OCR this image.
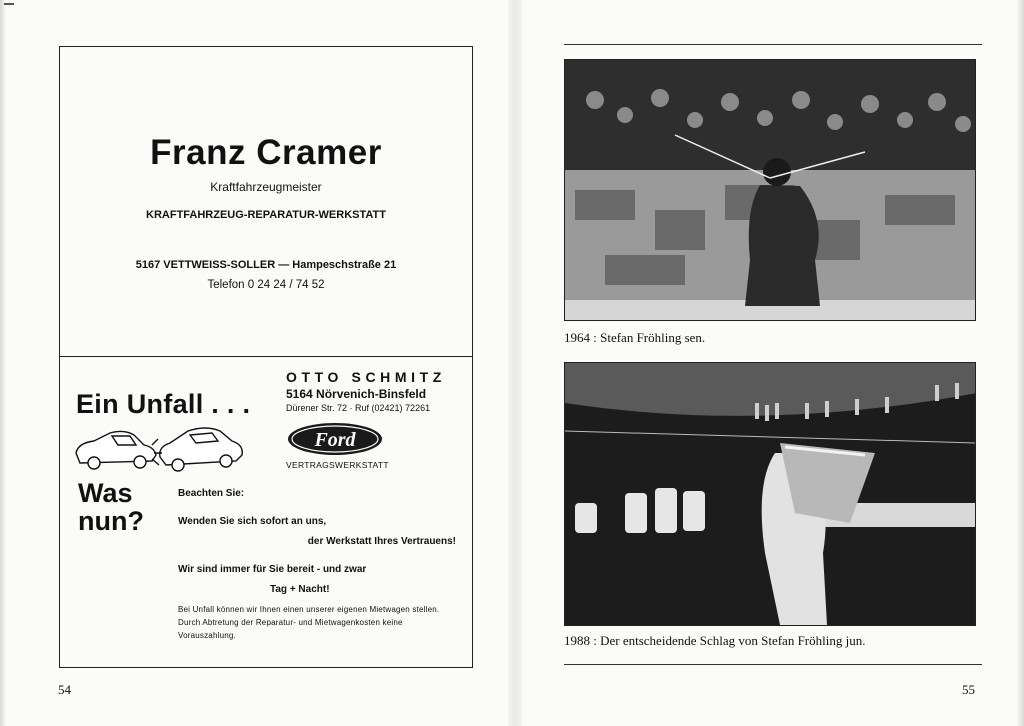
Franz Cramer
Kraftfahrzeugmeister
KRAFTFAHRZEUG-REPARATUR-WERKSTATT
5167 VETTWEISS-SOLLER — Hampeschstraße 21
Telefon 0 24 24 / 74 52
OTTO SCHMITZ
5164 Nörvenich-Binsfeld
Dürener Str. 72 · Ruf (02421) 72261
Ford
VERTRAGSWERKSTATT
Ein Unfall . . .
Was
nun?
Beachten Sie:
Wenden Sie sich sofort an uns,
der Werkstatt Ihres Vertrauens!
Wir sind immer für Sie bereit - und zwar
Tag + Nacht!
Bei Unfall können wir Ihnen einen unserer eigenen Mietwagen stellen. Durch Abtretung der Reparatur- und Mietwagenkosten keine Vorauszahlung.
54
1964 : Stefan Fröhling sen.
1988 : Der entscheidende Schlag von Stefan Fröhling jun.
55
